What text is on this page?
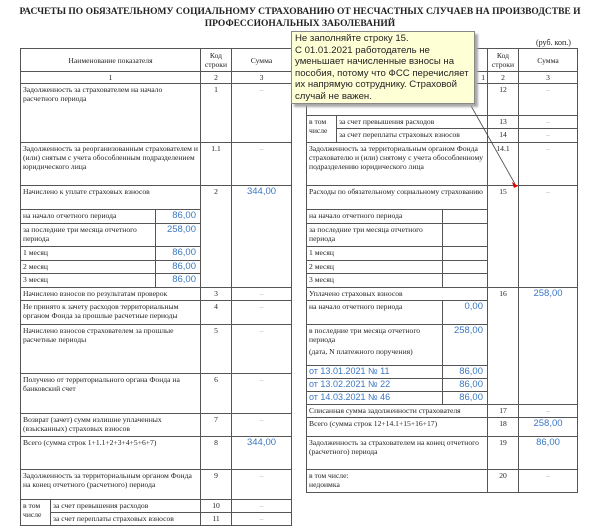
РАСЧЕТЫ ПО ОБЯЗАТЕЛЬНОМУ СОЦИАЛЬНОМУ СТРАХОВАНИЮ ОТ НЕСЧАСТНЫХ СЛУЧАЕВ НА ПРОИЗВОДСТВЕ И
ПРОФЕССИОНАЛЬНЫХ ЗАБОЛЕВАНИЙ
(руб. коп.)
Наименование показателя			Код строки	Сумма
1			2	3
Задолженность за страхователем на начало расчетного периода			1	–
Задолженность за реорганизованным страхователем и (или) снятым с учета обособленным подразделением юридического лица			1.1	–
Начислено к уплате страховых взносов			2	344,00
на начало отчетного периода		86,00		
за последние три месяца отчетного периода		258,00		
1 месяц		86,00		
2 месяц		86,00		
3 месяц		86,00		
Начислено взносов по результатам проверок			3	–
Не принято к зачету расходов территориальным органом Фонда за прошлые расчетные периоды			4	–
Начислено взносов страхователем за прошлые расчетные периоды			5	–
Получено от территориального органа Фонда на банковский счет			6	–
Возврат (зачет) сумм излишне уплаченных (взысканных) страховых взносов			7	–
Всего (сумма строк 1+1.1+2+3+4+5+6+7)			8	344,00
Задолженность за территориальным органом Фонда на конец отчетного (расчетного) периода			9	–
в том числе	за счет превышения расходов		10	–
	за счет переплаты страховых взносов		11	–
			Код строки	Сумма
1			2	3
			12	–
в том числе	за счет превышения расходов		13	–
	за счет переплаты страховых взносов		14	–
Задолженность за территориальным органом Фонда страхователю и (или) снятому с учета обособленному подразделению юридического лица			14.1	–
Расходы по обязательному социальному страхованию			15	–
на начало отчетного периода				
за последние три месяца отчетного периода				
1 месяц				
2 месяц				
3 месяц				
Уплачено страховых взносов			16	258,00
на начало отчетного периода		0,00		

в последние три месяца отчетного периода
(дата, N платежного поручения)		258,00		
от 13.01.2021 № 11		86,00		
от 13.02.2021 № 22		86,00		
от 14.03.2021 № 46		86,00		
Списанная сумма задолженности страхователя			17	–
Всего (сумма строк 12+14.1+15+16+17)			18	258,00
Задолженность за страхователем на конец отчетного (расчетного) периода			19	86,00

в том числе:
недоимка			20	–
Не заполняйте строку 15.
С 01.01.2021 работодатель не уменьшает начисленные взносы на пособия, потому что ФСС перечисляет их напрямую сотруднику. Страховой случай не важен.
